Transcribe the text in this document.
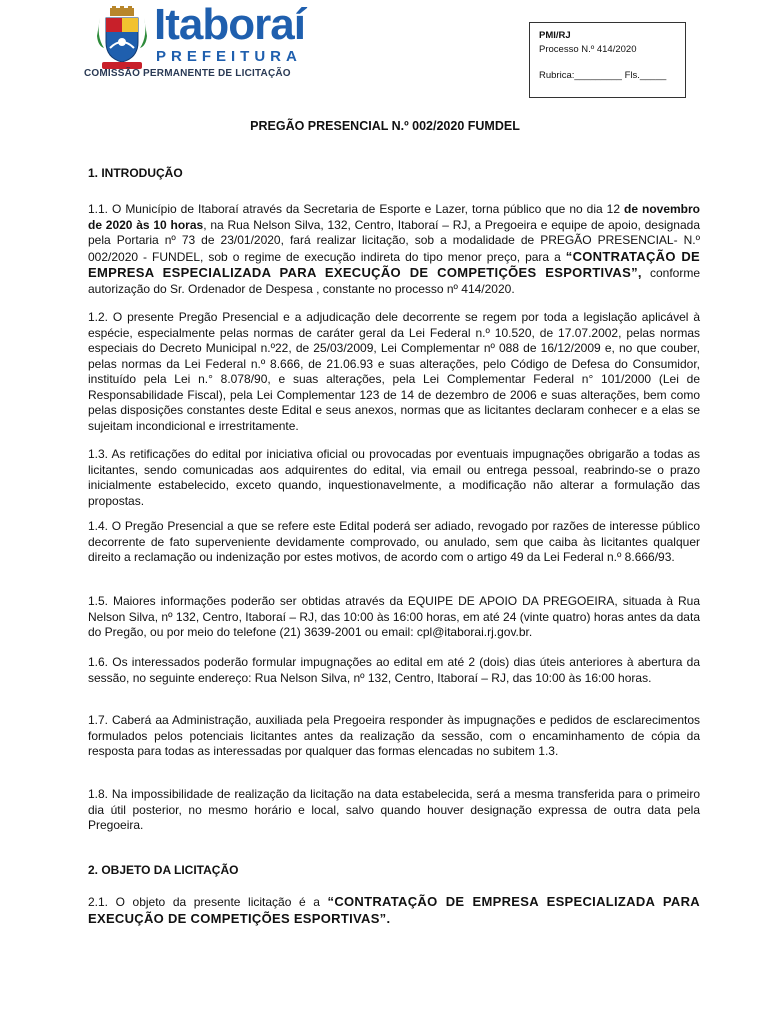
Itaboraí
PREFEITURA
COMISSÃO PERMANENTE DE LICITAÇÃO
PMI/RJ
Processo N.º 414/2020
Rubrica:_________ Fls._____
PREGÃO PRESENCIAL N.º 002/2020 FUMDEL
1. INTRODUÇÃO
1.1. O Município de Itaboraí através da Secretaria de Esporte e Lazer, torna público que no dia 12 de novembro de 2020 às 10 horas, na Rua Nelson Silva, 132, Centro, Itaboraí – RJ, a Pregoeira e equipe de apoio, designada pela Portaria nº 73 de 23/01/2020, fará realizar licitação, sob a modalidade de PREGÃO PRESENCIAL- N.º 002/2020 - FUNDEL, sob o regime de execução indireta do tipo menor preço, para a “CONTRATAÇÃO DE EMPRESA ESPECIALIZADA PARA EXECUÇÃO DE COMPETIÇÕES ESPORTIVAS”, conforme autorização do Sr. Ordenador de Despesa , constante no processo nº 414/2020.
1.2. O presente Pregão Presencial e a adjudicação dele decorrente se regem por toda a legislação aplicável à espécie, especialmente pelas normas de caráter geral da Lei Federal n.º 10.520, de 17.07.2002, pelas normas especiais do Decreto Municipal n.º22, de 25/03/2009, Lei Complementar nº 088 de 16/12/2009 e, no que couber, pelas normas da Lei Federal n.º 8.666, de 21.06.93 e suas alterações, pelo Código de Defesa do Consumidor, instituído pela Lei n.° 8.078/90, e suas alterações, pela Lei Complementar Federal n° 101/2000 (Lei de Responsabilidade Fiscal), pela Lei Complementar 123 de 14 de dezembro de 2006 e suas alterações, bem como pelas disposições constantes deste Edital e seus anexos, normas que as licitantes declaram conhecer e a elas se sujeitam incondicional e irrestritamente.
1.3. As retificações do edital por iniciativa oficial ou provocadas por eventuais impugnações obrigarão a todas as licitantes, sendo comunicadas aos adquirentes do edital, via email ou entrega pessoal, reabrindo-se o prazo inicialmente estabelecido, exceto quando, inquestionavelmente, a modificação não alterar a formulação das propostas.
1.4. O Pregão Presencial a que se refere este Edital poderá ser adiado, revogado por razões de interesse público decorrente de fato superveniente devidamente comprovado, ou anulado, sem que caiba às licitantes qualquer direito a reclamação ou indenização por estes motivos, de acordo com o artigo 49 da Lei Federal n.º 8.666/93.
1.5. Maiores informações poderão ser obtidas através da EQUIPE DE APOIO DA PREGOEIRA, situada à Rua Nelson Silva, nº 132, Centro, Itaboraí – RJ, das 10:00 às 16:00 horas, em até 24 (vinte quatro) horas antes da data do Pregão, ou por meio do telefone (21) 3639-2001 ou email: cpl@itaborai.rj.gov.br.
1.6. Os interessados poderão formular impugnações ao edital em até 2 (dois) dias úteis anteriores à abertura da sessão, no seguinte endereço: Rua Nelson Silva, nº 132, Centro, Itaboraí – RJ, das 10:00 às 16:00 horas.
1.7. Caberá aa Administração, auxiliada pela Pregoeira responder às impugnações e pedidos de esclarecimentos formulados pelos potenciais licitantes antes da realização da sessão, com o encaminhamento de cópia da resposta para todas as interessadas por qualquer das formas elencadas no subitem 1.3.
1.8. Na impossibilidade de realização da licitação na data estabelecida, será a mesma transferida para o primeiro dia útil posterior, no mesmo horário e local, salvo quando houver designação expressa de outra data pela Pregoeira.
2. OBJETO DA LICITAÇÃO
2.1. O objeto da presente licitação é a “CONTRATAÇÃO DE EMPRESA ESPECIALIZADA PARA EXECUÇÃO DE COMPETIÇÕES ESPORTIVAS”.
